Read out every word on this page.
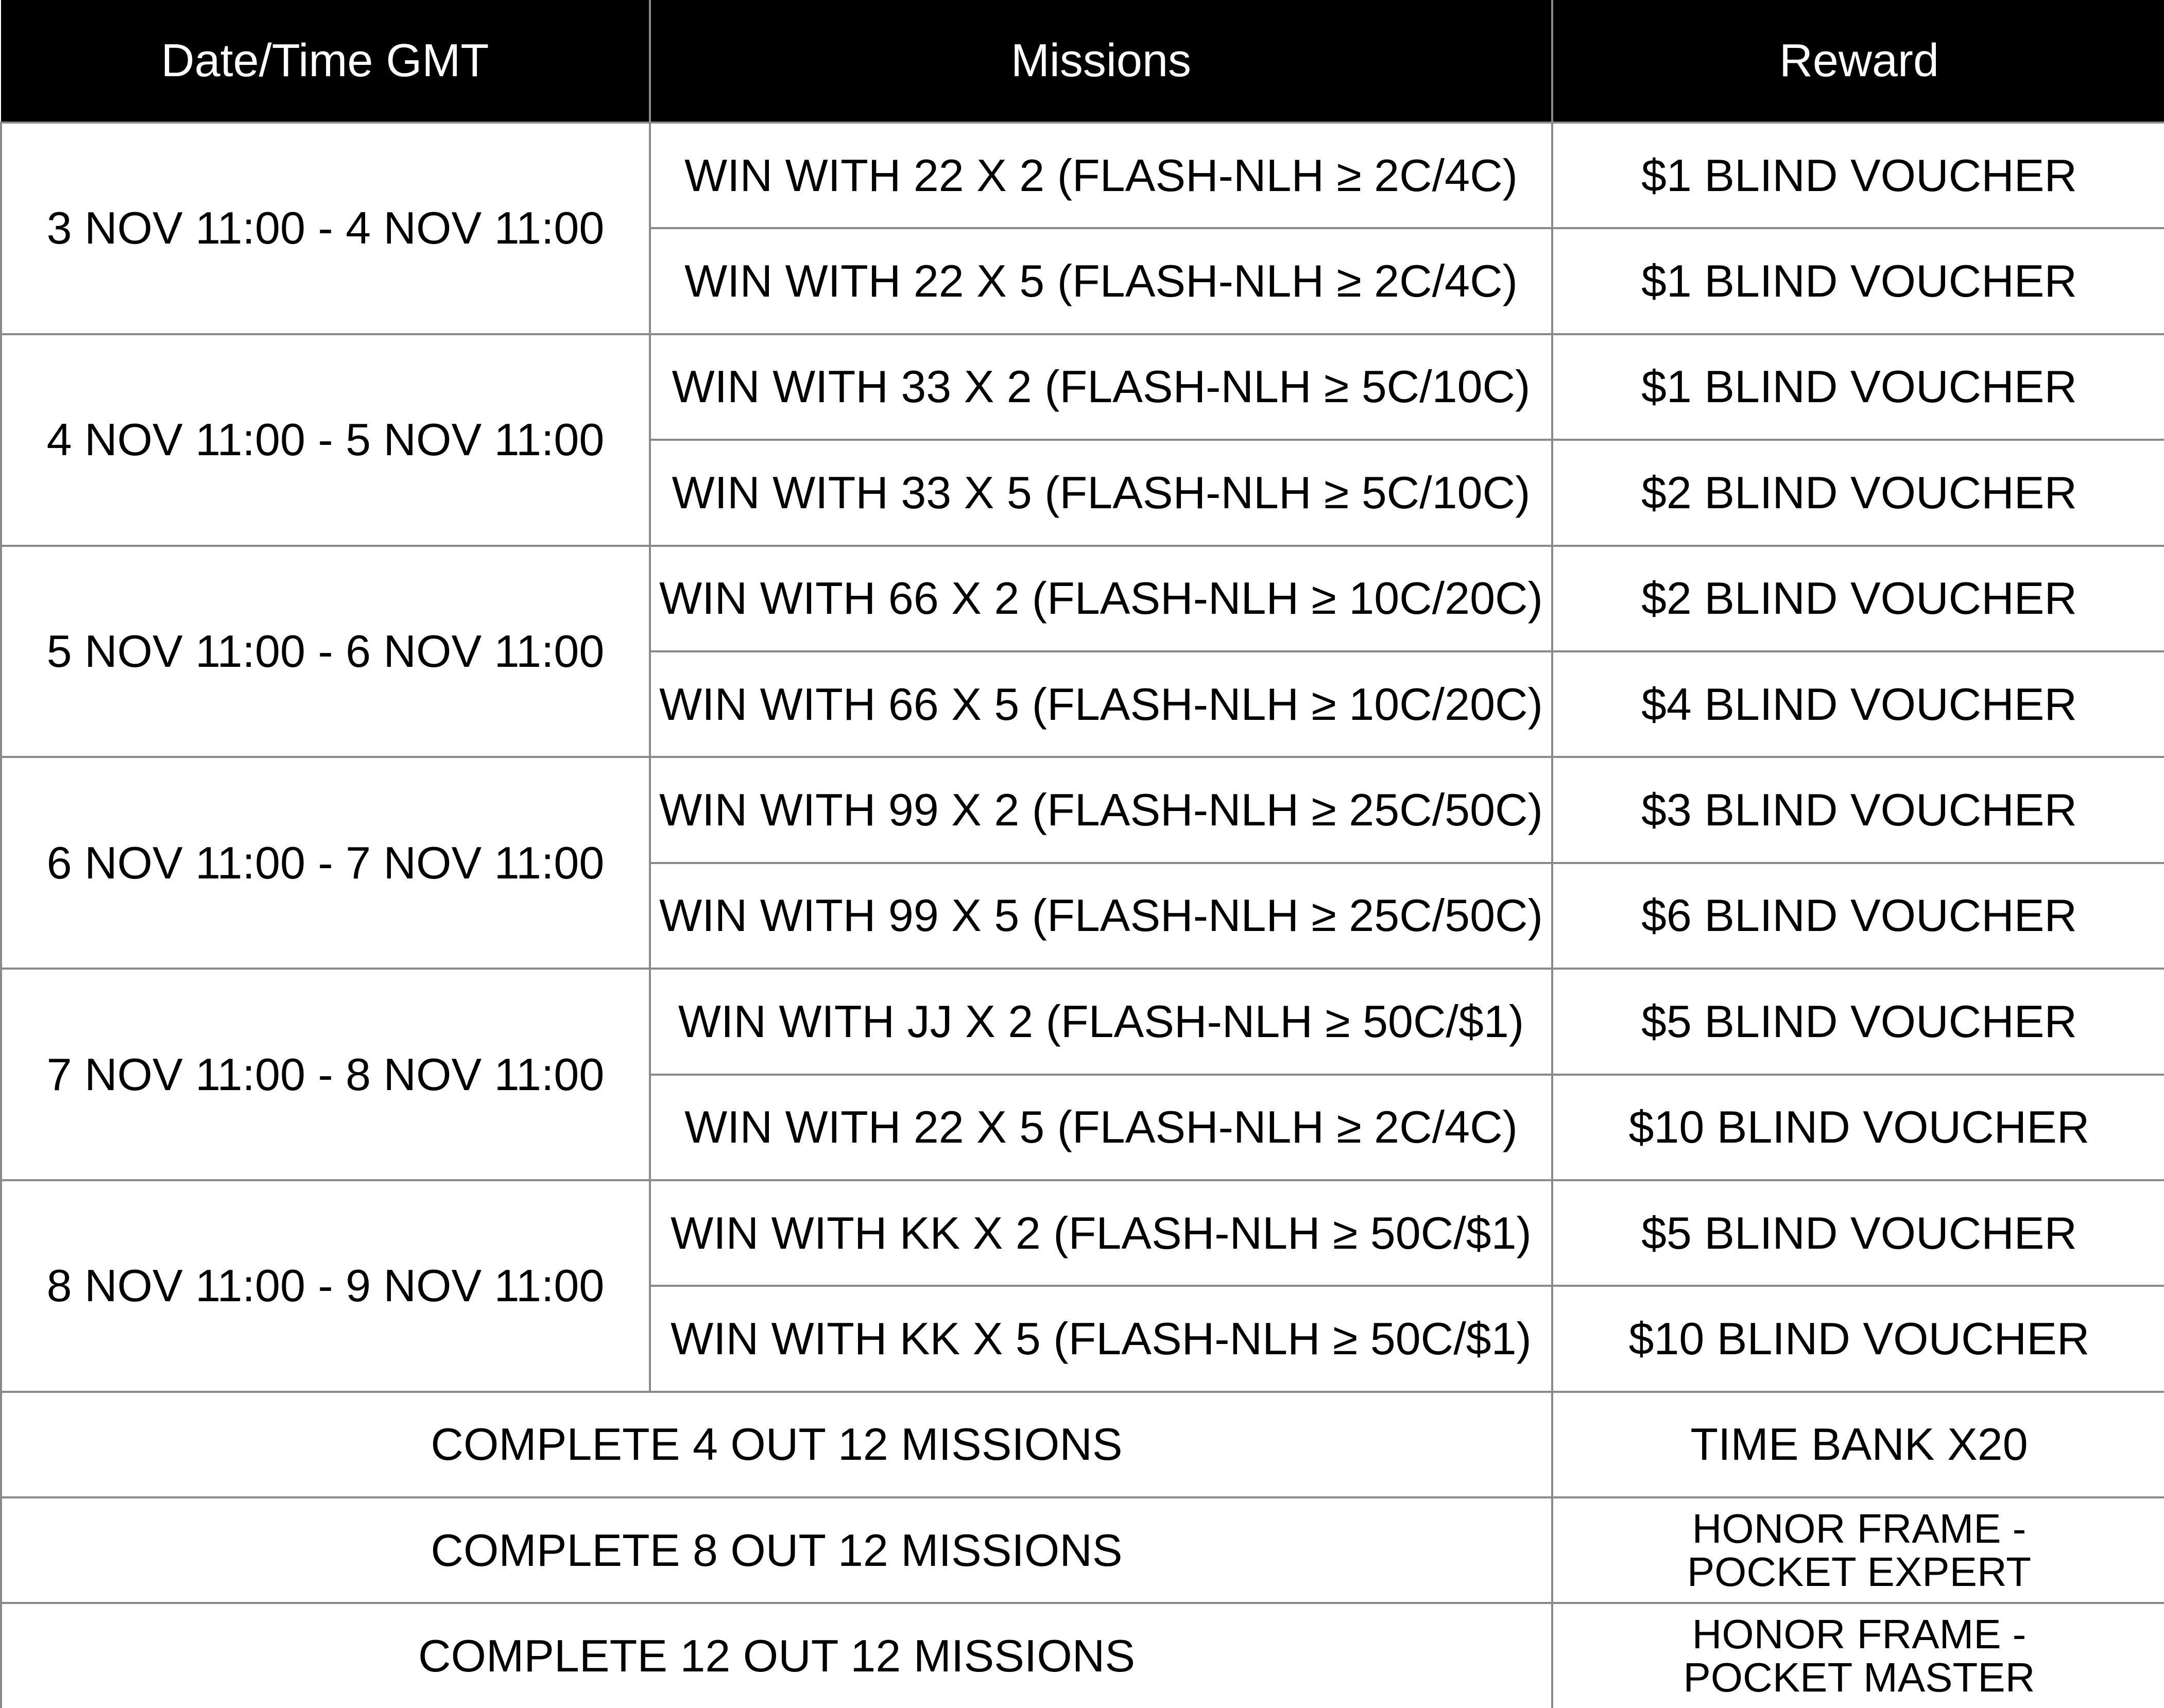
Date/Time GMT	Missions	Reward
3 NOV 11:00 - 4 NOV 11:00	WIN WITH 22 X 2 (FLASH-NLH ≥ 2C/4C)	$1 BLIND VOUCHER
	WIN WITH 22 X 5 (FLASH-NLH ≥ 2C/4C)	$1 BLIND VOUCHER
4 NOV 11:00 - 5 NOV 11:00	WIN WITH 33 X 2 (FLASH-NLH ≥ 5C/10C)	$1 BLIND VOUCHER
	WIN WITH 33 X 5 (FLASH-NLH ≥ 5C/10C)	$2 BLIND VOUCHER
5 NOV 11:00 - 6 NOV 11:00	WIN WITH 66 X 2 (FLASH-NLH ≥ 10C/20C)	$2 BLIND VOUCHER
	WIN WITH 66 X 5 (FLASH-NLH ≥ 10C/20C)	$4 BLIND VOUCHER
6 NOV 11:00 - 7 NOV 11:00	WIN WITH 99 X 2 (FLASH-NLH ≥ 25C/50C)	$3 BLIND VOUCHER
	WIN WITH 99 X 5 (FLASH-NLH ≥ 25C/50C)	$6 BLIND VOUCHER
7 NOV 11:00 - 8 NOV 11:00	WIN WITH JJ X 2 (FLASH-NLH ≥ 50C/$1)	$5 BLIND VOUCHER
	WIN WITH 22 X 5 (FLASH-NLH ≥ 2C/4C)	$10 BLIND VOUCHER
8 NOV 11:00 - 9 NOV 11:00	WIN WITH KK X 2 (FLASH-NLH ≥ 50C/$1)	$5 BLIND VOUCHER
	WIN WITH KK X 5 (FLASH-NLH ≥ 50C/$1)	$10 BLIND VOUCHER
COMPLETE 4 OUT 12 MISSIONS		TIME BANK X20
COMPLETE 8 OUT 12 MISSIONS		HONOR FRAME -
POCKET EXPERT

COMPLETE 12 OUT 12 MISSIONS		HONOR FRAME -
POCKET MASTER
